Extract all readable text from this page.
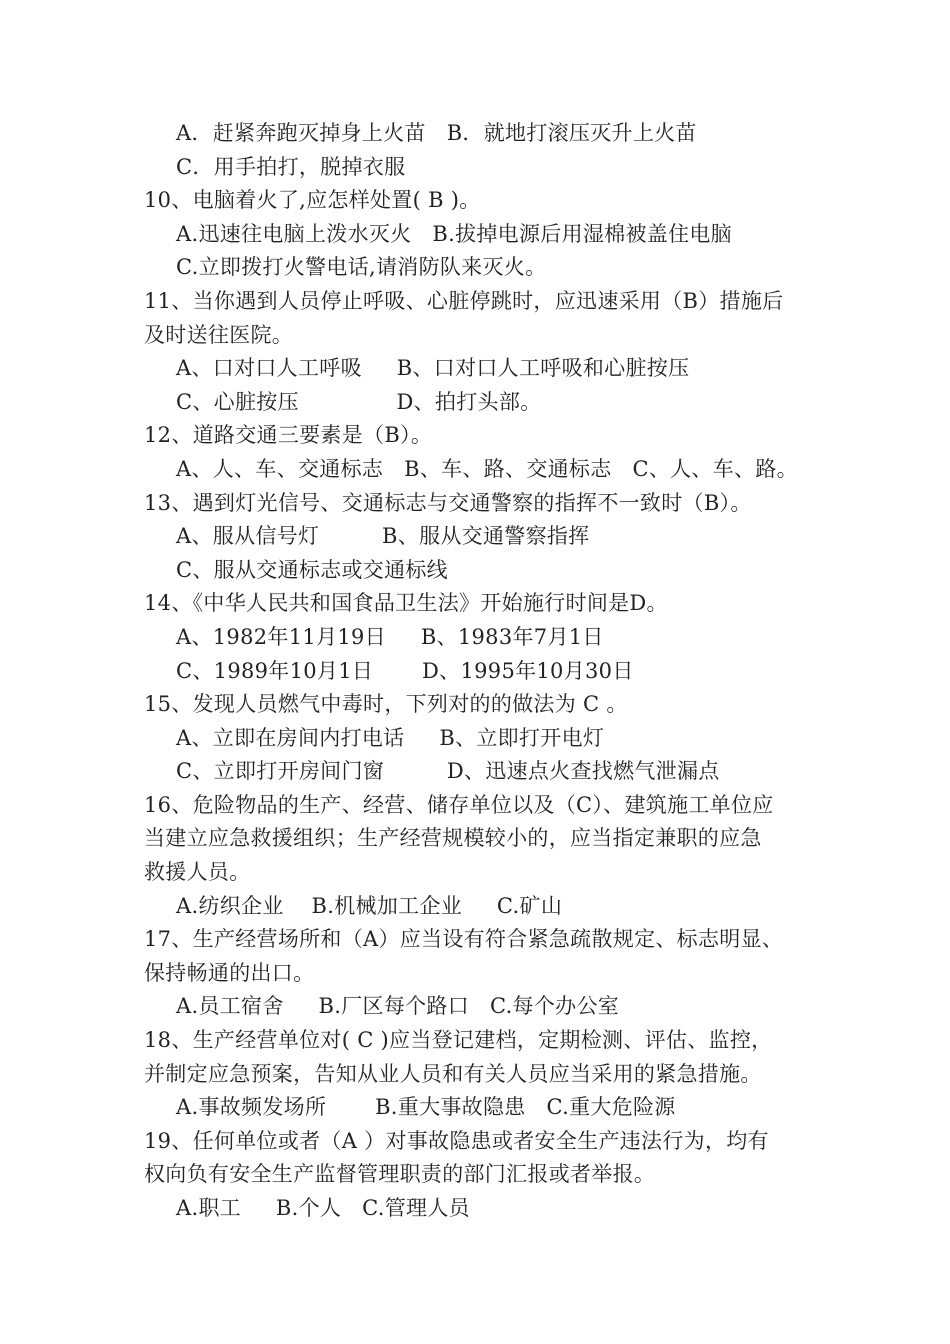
A．赶紧奔跑灭掉身上火苗   B．就地打滚压灭升上火苗
C．用手拍打，脱掉衣服
10、电脑着火了,应怎样处置( B )。
A.迅速往电脑上泼水灭火   B.拔掉电源后用湿棉被盖住电脑
C.立即拨打火警电话,请消防队来灭火。
11、当你遇到人员停止呼吸、心脏停跳时，应迅速采用（B）措施后
及时送往医院。
A、口对口人工呼吸     B、口对口人工呼吸和心脏按压
C、心脏按压              D、拍打头部。
12、道路交通三要素是（B）。
A、人、车、交通标志   B、车、路、交通标志   C、人、车、路。
13、遇到灯光信号、交通标志与交通警察的指挥不一致时（B）。
A、服从信号灯         B、服从交通警察指挥
C、服从交通标志或交通标线
14、《中华人民共和国食品卫生法》开始施行时间是D。
A、1982年11月19日     B、1983年7月1日
C、1989年10月1日       D、1995年10月30日
15、发现人员燃气中毒时，下列对的的做法为 C 。
A、立即在房间内打电话     B、立即打开电灯
C、立即打开房间门窗         D、迅速点火查找燃气泄漏点
16、危险物品的生产、经营、储存单位以及（C）、建筑施工单位应
当建立应急救援组织；生产经营规模较小的，应当指定兼职的应急
救援人员。
A.纺织企业    B.机械加工企业     C.矿山
17、生产经营场所和（A）应当设有符合紧急疏散规定、标志明显、
保持畅通的出口。
A.员工宿舍     B.厂区每个路口   C.每个办公室
18、生产经营单位对( C )应当登记建档，定期检测、评估、监控，
并制定应急预案，告知从业人员和有关人员应当采用的紧急措施。
A.事故频发场所       B.重大事故隐患   C.重大危险源
19、任何单位或者（A ）对事故隐患或者安全生产违法行为，均有
权向负有安全生产监督管理职责的部门汇报或者举报。
A.职工     B.个人   C.管理人员
